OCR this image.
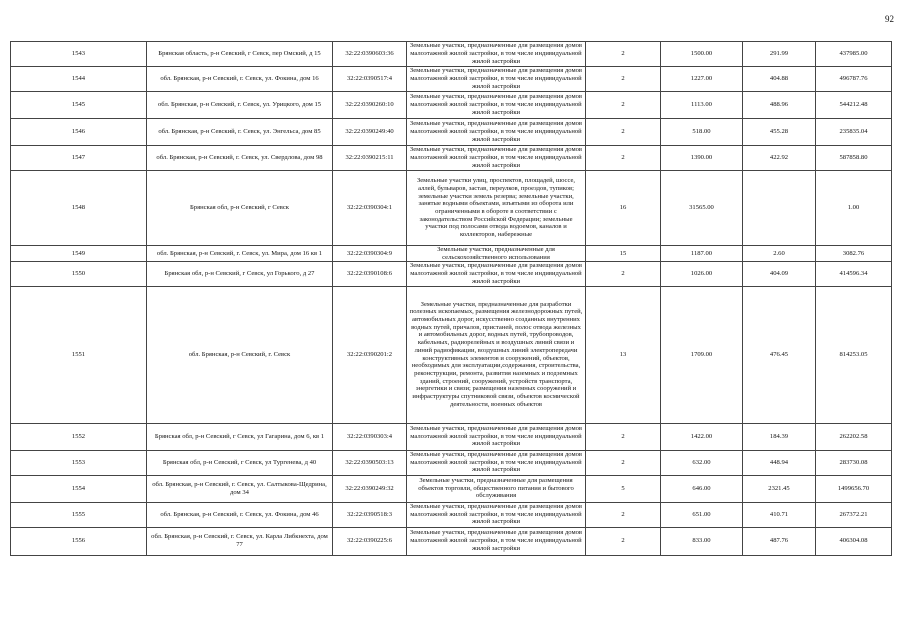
92
1543	Брянская область, р-н Севский, г Севск, пер Омский, д 15	32:22:0390603:36	Земельные участки, предназначенные для размещения домов малоэтажной жилой застройки, в том числе индивидуальной жилой застройки	2	1500.00	291.99	437985.00
1544	обл. Брянская, р-н Севский, г. Севск, ул. Фокина, дом 16	32:22:0390517:4	Земельные участки, предназначенные для размещения домов малоэтажной жилой застройки, в том числе индивидуальной жилой застройки	2	1227.00	404.88	496787.76
1545	обл. Брянская, р-н Севский, г. Севск, ул. Урицкого, дом 15	32:22:0390260:10	Земельные участки, предназначенные для размещения домов малоэтажной жилой застройки, в том числе индивидуальной жилой застройки	2	1113.00	488.96	544212.48
1546	обл. Брянская, р-н Севский, г. Севск, ул. Энгельса, дом 85	32:22:0390249:40	Земельные участки, предназначенные для размещения домов малоэтажной жилой застройки, в том числе индивидуальной жилой застройки	2	518.00	455.28	235835.04
1547	обл. Брянская, р-н Севский, г. Севск, ул. Свердлова, дом 98	32:22:0390215:11	Земельные участки, предназначенные для размещения домов малоэтажной жилой застройки, в том числе индивидуальной жилой застройки	2	1390.00	422.92	587858.80
1548	Брянская обл, р-н Севский, г Севск	32:22:0390304:1	Земельные участки улиц, проспектов, площадей, шоссе, аллей, бульваров, застав, переулков, проездов, тупиков; земельные участки земель резерва; земельные участки, занятые водными объектами, изъятыми из оборота или ограниченными в обороте в соответствии с законодательством Российской Федерации; земельные участки под полосами отвода водоемов, каналов и коллекторов, набережные	16	31565.00		1.00
1549	обл. Брянская, р-н Севский, г. Севск, ул. Мира, дом 16 кв 1	32:22:0390304:9	Земельные участки, предназначенные для сельскохозяйственного использования	15	1187.00	2.60	3082.76
1550	Брянская обл, р-н Севский, г Севск, ул Горького, д 27	32:22:0390108:6	Земельные участки, предназначенные для размещения домов малоэтажной жилой застройки, в том числе индивидуальной жилой застройки	2	1026.00	404.09	414596.34
1551	обл. Брянская, р-н Севский, г. Севск	32:22:0390201:2	Земельные участки, предназначенные для разработки полезных ископаемых, размещения железнодорожных путей, автомобильных дорог, искусственно созданных внутренних водных путей, причалов, пристаней, полос отвода железных и автомобильных дорог, водных путей, трубопроводов, кабельных, радиорелейных и воздушных линий связи и линий радиофикации, воздушных линий электропередачи конструктивных элементов и сооружений, объектов, необходимых для эксплуатации,содержания, строительства, реконструкции, ремонта, развития наземных и подземных зданий, строений, сооружений, устройств транспорта, энергетики и связи; размещения наземных сооружений и инфраструктуры спутниковой связи, объектов космической деятельности, военных объектов	13	1709.00	476.45	814253.05
1552	Брянская обл, р-н Севский, г Севск, ул Гагарина, дом 6, кв 1	32:22:0390303:4	Земельные участки, предназначенные для размещения домов малоэтажной жилой застройки, в том числе индивидуальной жилой застройки	2	1422.00	184.39	262202.58
1553	Брянская обл, р-н Севский, г Севск, ул Тургенева, д 40	32:22:0390503:13	Земельные участки, предназначенные для размещения домов малоэтажной жилой застройки, в том числе индивидуальной жилой застройки	2	632.00	448.94	283730.08
1554	обл. Брянская, р-н Севский, г. Севск, ул. Салтыкова-Щедрина, дом 34	32:22:0390249:32	Земельные участки, предназначенные для размещения объектов торговли, общественного питания и бытового обслуживания	5	646.00	2321.45	1499656.70
1555	обл. Брянская, р-н Севский, г. Севск, ул. Фокина, дом 46	32:22:0390518:3	Земельные участки, предназначенные для размещения домов малоэтажной жилой застройки, в том числе индивидуальной жилой застройки	2	651.00	410.71	267372.21
1556	обл. Брянская, р-н Севский, г. Севск, ул. Карла Либкнехта, дом 77	32:22:0390225:6	Земельные участки, предназначенные для размещения домов малоэтажной жилой застройки, в том числе индивидуальной жилой застройки	2	833.00	487.76	406304.08
